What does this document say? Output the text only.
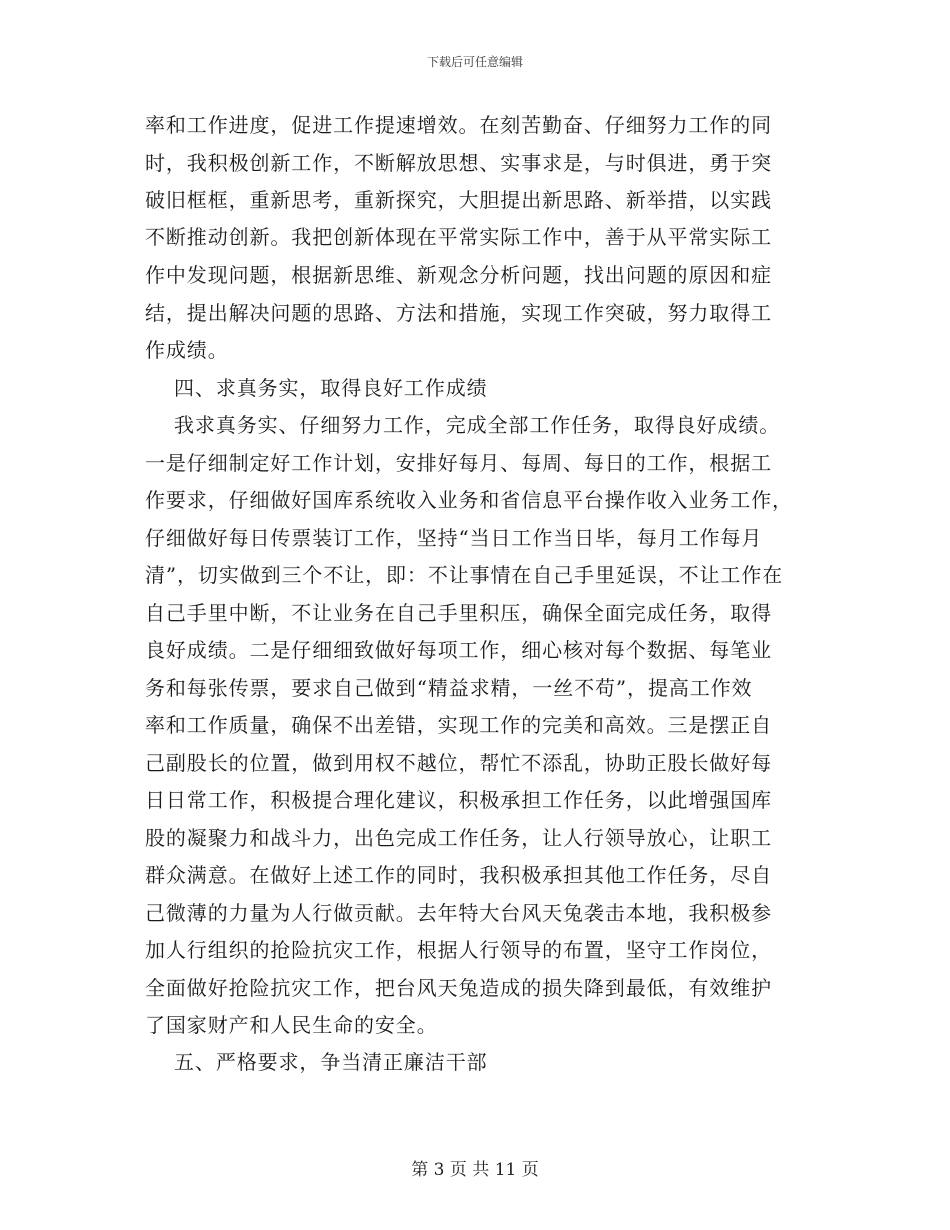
下载后可任意编辑
率和工作进度，促进工作提速增效。在刻苦勤奋、仔细努力工作的同
时，我积极创新工作，不断解放思想、实事求是，与时俱进，勇于突
破旧框框，重新思考，重新探究，大胆提出新思路、新举措，以实践
不断推动创新。我把创新体现在平常实际工作中，善于从平常实际工
作中发现问题，根据新思维、新观念分析问题，找出问题的原因和症
结，提出解决问题的思路、方法和措施，实现工作突破，努力取得工
作成绩。
四、求真务实，取得良好工作成绩
我求真务实、仔细努力工作，完成全部工作任务，取得良好成绩。
一是仔细制定好工作计划，安排好每月、每周、每日的工作，根据工
作要求，仔细做好国库系统收入业务和省信息平台操作收入业务工作，
仔细做好每日传票装订工作，坚持“当日工作当日毕，每月工作每月
清”，切实做到三个不让，即：不让事情在自己手里延误，不让工作在
自己手里中断，不让业务在自己手里积压，确保全面完成任务，取得
良好成绩。二是仔细细致做好每项工作，细心核对每个数据、每笔业
务和每张传票，要求自己做到“精益求精，一丝不苟”，提高工作效
率和工作质量，确保不出差错，实现工作的完美和高效。三是摆正自
己副股长的位置，做到用权不越位，帮忙不添乱，协助正股长做好每
日日常工作，积极提合理化建议，积极承担工作任务，以此增强国库
股的凝聚力和战斗力，出色完成工作任务，让人行领导放心，让职工
群众满意。在做好上述工作的同时，我积极承担其他工作任务，尽自
己微薄的力量为人行做贡献。去年特大台风天兔袭击本地，我积极参
加人行组织的抢险抗灾工作，根据人行领导的布置，坚守工作岗位，
全面做好抢险抗灾工作，把台风天兔造成的损失降到最低，有效维护
了国家财产和人民生命的安全。
五、严格要求，争当清正廉洁干部
第 3 页 共 11 页
